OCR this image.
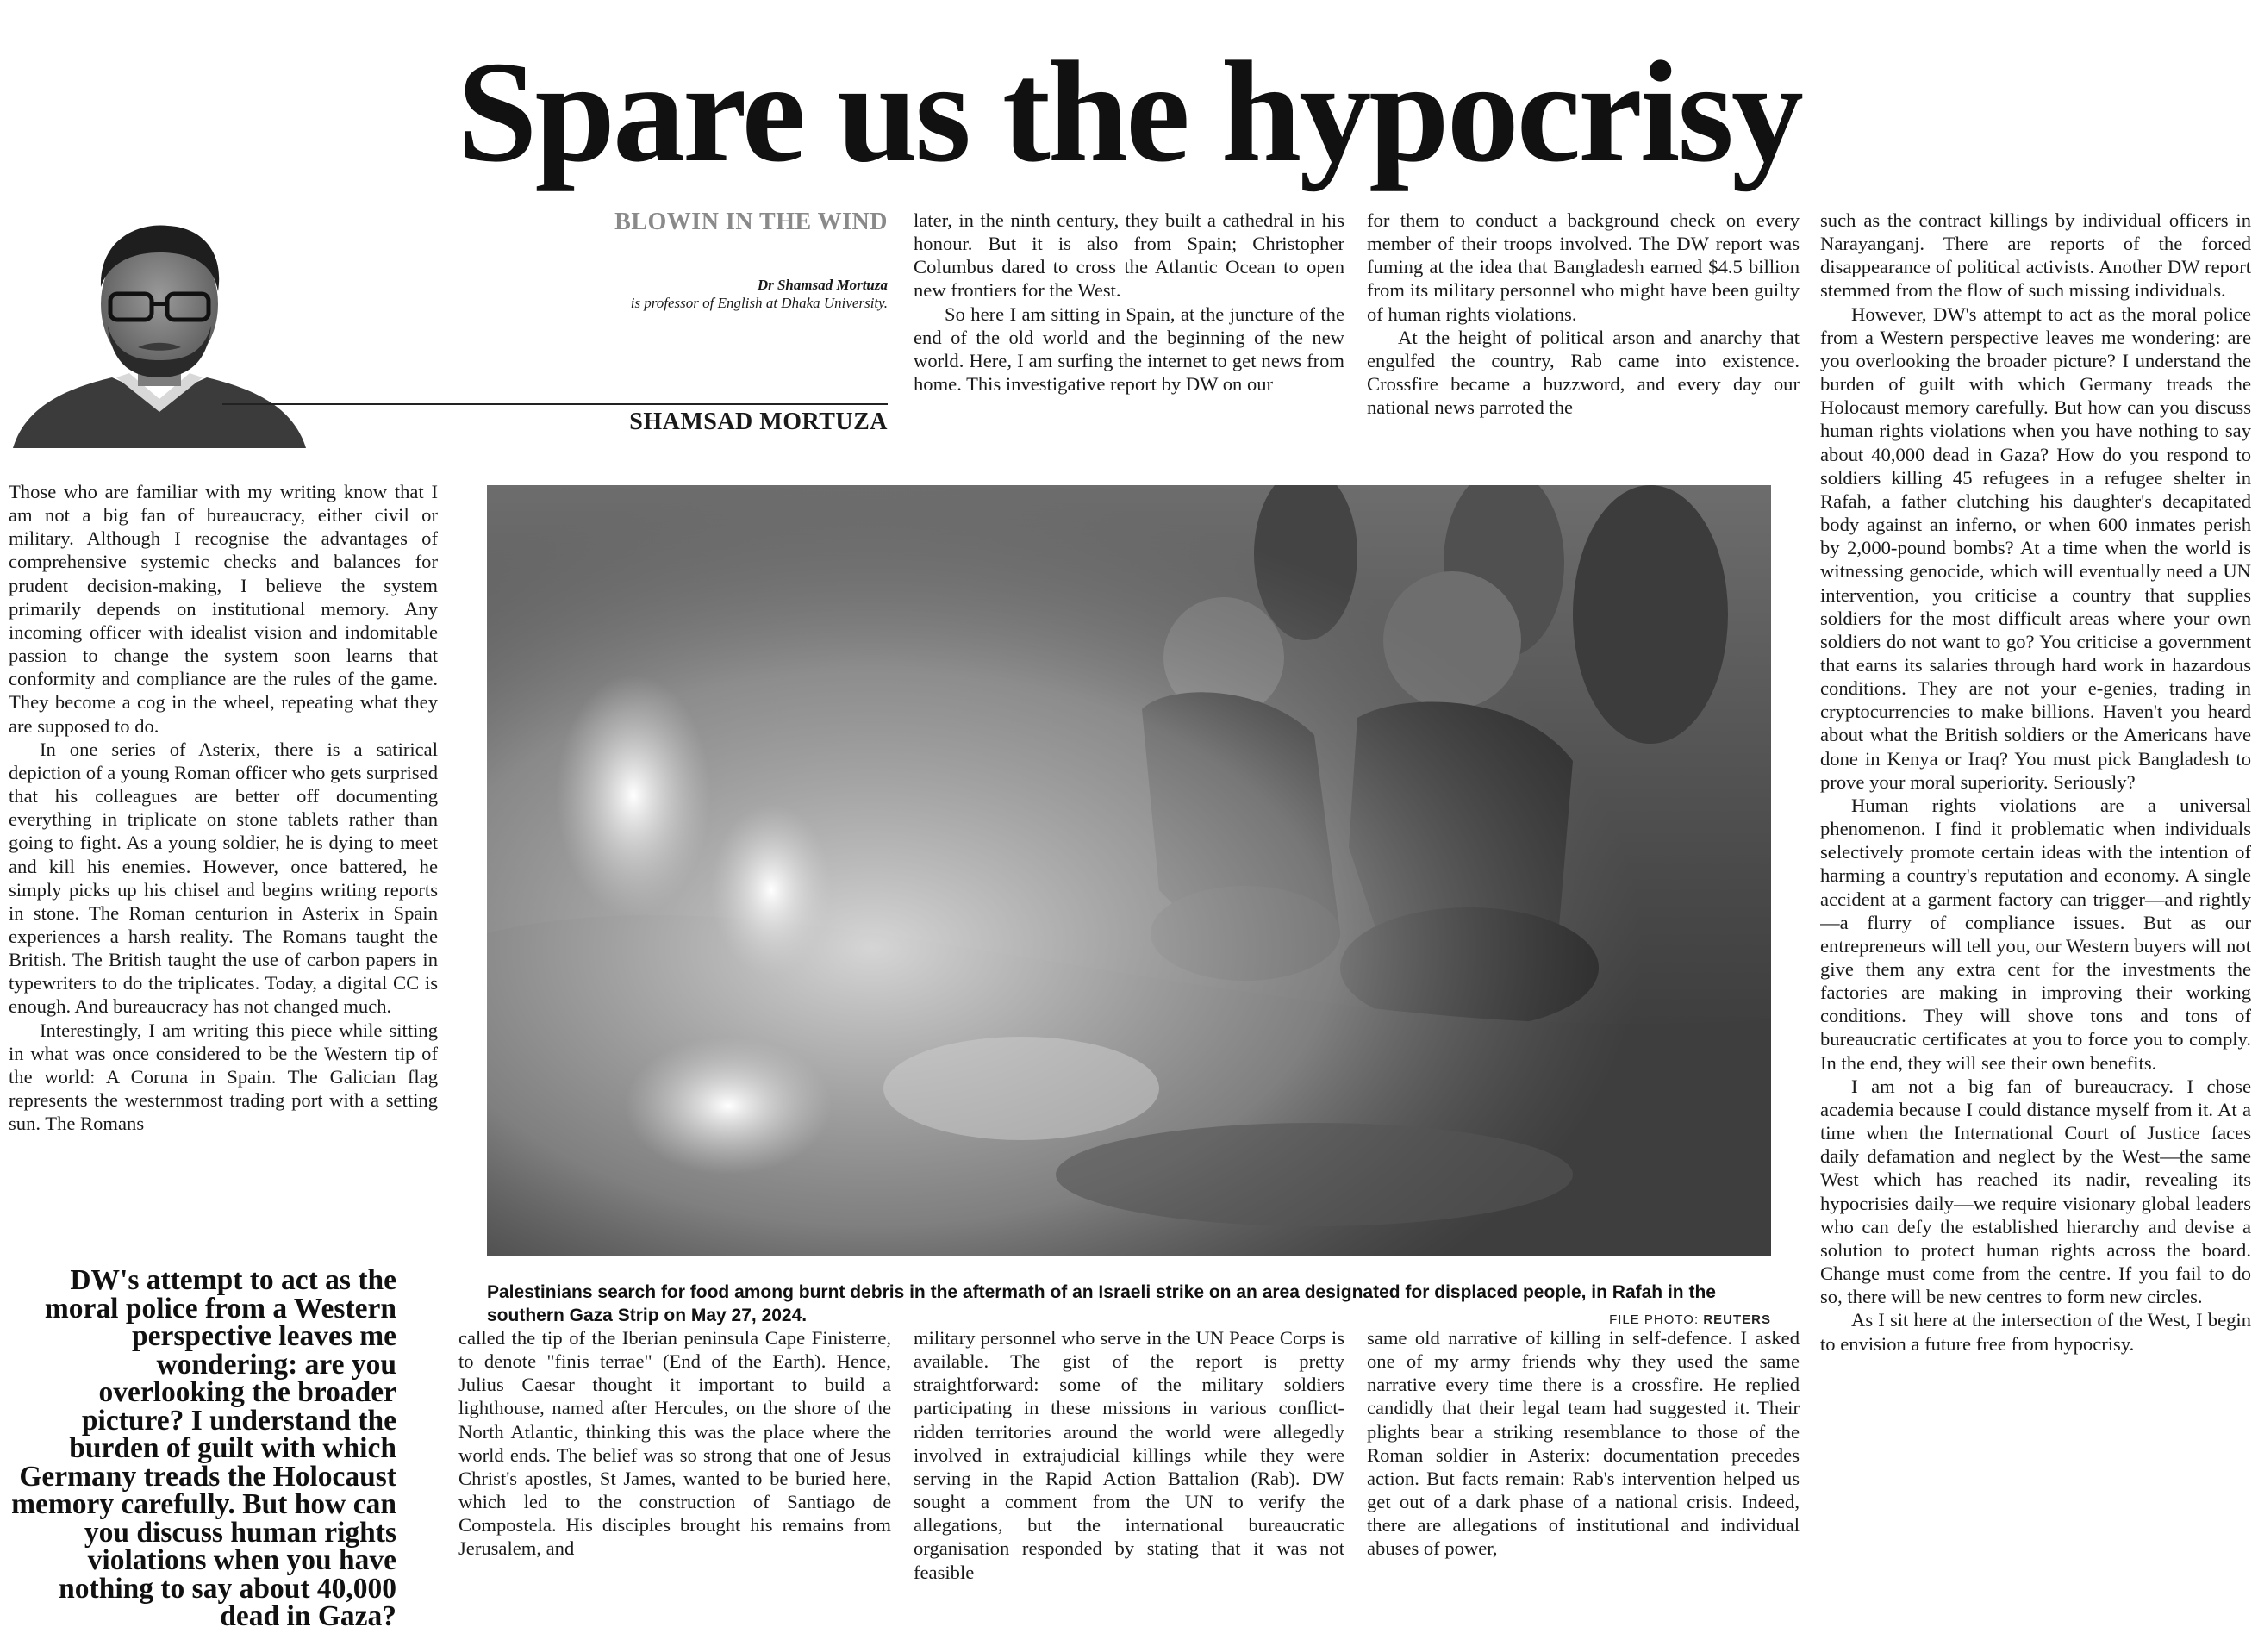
Spare us the hypocrisy
BLOWIN IN THE WIND
Dr Shamsad Mortuza
is professor of English at Dhaka University.
SHAMSAD MORTUZA

Those who are familiar with my writing know that I am not a big fan of bureaucracy, either civil or military. Although I recognise the advantages of comprehensive systemic checks and balances for prudent decision-making, I believe the system primarily depends on institutional memory. Any incoming officer with idealist vision and indomitable passion to change the system soon learns that conformity and compliance are the rules of the game. They become a cog in the wheel, repeating what they are supposed to do.

In one series of Asterix, there is a satirical depiction of a young Roman officer who gets surprised that his colleagues are better off documenting everything in triplicate on stone tablets rather than going to fight. As a young soldier, he is dying to meet and kill his enemies. However, once battered, he simply picks up his chisel and begins writing reports in stone. The Roman centurion in Asterix in Spain experiences a harsh reality. The Romans taught the British. The British taught the use of carbon papers in typewriters to do the triplicates. Today, a digital CC is enough. And bureaucracy has not changed much.

Interestingly, I am writing this piece while sitting in what was once considered to be the Western tip of the world: A Coruna in Spain. The Galician flag represents the westernmost trading port with a setting sun. The Romans

later, in the ninth century, they built a cathedral in his honour. But it is also from Spain; Christopher Columbus dared to cross the Atlantic Ocean to open new frontiers for the West.

So here I am sitting in Spain, at the juncture of the end of the old world and the beginning of the new world. Here, I am surfing the internet to get news from home. This investigative report by DW on our

for them to conduct a background check on every member of their troops involved. The DW report was fuming at the idea that Bangladesh earned $4.5 billion from its military personnel who might have been guilty of human rights violations.

At the height of political arson and anarchy that engulfed the country, Rab came into existence. Crossfire became a buzzword, and every day our national news parroted the

such as the contract killings by individual officers in Narayanganj. There are reports of the forced disappearance of political activists. Another DW report stemmed from the flow of such missing individuals.

However, DW's attempt to act as the moral police from a Western perspective leaves me wondering: are you overlooking the broader picture? I understand the burden of guilt with which Germany treads the Holocaust memory carefully. But how can you discuss human rights violations when you have nothing to say about 40,000 dead in Gaza? How do you respond to soldiers killing 45 refugees in a refugee shelter in Rafah, a father clutching his daughter's decapitated body against an inferno, or when 600 inmates perish by 2,000-pound bombs? At a time when the world is witnessing genocide, which will eventually need a UN intervention, you criticise a country that supplies soldiers for the most difficult areas where your own soldiers do not want to go? You criticise a government that earns its salaries through hard work in hazardous conditions. They are not your e-genies, trading in cryptocurrencies to make billions. Haven't you heard about what the British soldiers or the Americans have done in Kenya or Iraq? You must pick Bangladesh to prove your moral superiority. Seriously?

Human rights violations are a universal phenomenon. I find it problematic when individuals selectively promote certain ideas with the intention of harming a country's reputation and economy. A single accident at a garment factory can trigger—and rightly—a flurry of compliance issues. But as our entrepreneurs will tell you, our Western buyers will not give them any extra cent for the investments the factories are making in improving their working conditions. They will shove tons and tons of bureaucratic certificates at you to force you to comply. In the end, they will see their own benefits.

I am not a big fan of bureaucracy. I chose academia because I could distance myself from it. At a time when the International Court of Justice faces daily defamation and neglect by the West—the same West which has reached its nadir, revealing its hypocrisies daily—we require visionary global leaders who can defy the established hierarchy and devise a solution to protect human rights across the board. Change must come from the centre. If you fail to do so, there will be new centres to form new circles.

As I sit here at the intersection of the West, I begin to envision a future free from hypocrisy.

Palestinians search for food among burnt debris in the aftermath of an Israeli strike on an area designated for displaced people, in Rafah in the southern Gaza Strip on May 27, 2024.	FILE PHOTO: REUTERS
DW's attempt to act as the moral police from a Western perspective leaves me wondering: are you overlooking the broader picture? I understand the burden of guilt with which Germany treads the Holocaust memory carefully. But how can you discuss human rights violations when you have nothing to say about 40,000 dead in Gaza?

called the tip of the Iberian peninsula Cape Finisterre, to denote "finis terrae" (End of the Earth). Hence, Julius Caesar thought it important to build a lighthouse, named after Hercules, on the shore of the North Atlantic, thinking this was the place where the world ends. The belief was so strong that one of Jesus Christ's apostles, St James, wanted to be buried here, which led to the construction of Santiago de Compostela. His disciples brought his remains from Jerusalem, and

military personnel who serve in the UN Peace Corps is available. The gist of the report is pretty straightforward: some of the military soldiers participating in these missions in various conflict-ridden territories around the world were allegedly involved in extrajudicial killings while they were serving in the Rapid Action Battalion (Rab). DW sought a comment from the UN to verify the allegations, but the international bureaucratic organisation responded by stating that it was not feasible

same old narrative of killing in self-defence. I asked one of my army friends why they used the same narrative every time there is a crossfire. He replied candidly that their legal team had suggested it. Their plights bear a striking resemblance to those of the Roman soldier in Asterix: documentation precedes action. But facts remain: Rab's intervention helped us get out of a dark phase of a national crisis. Indeed, there are allegations of institutional and individual abuses of power,
